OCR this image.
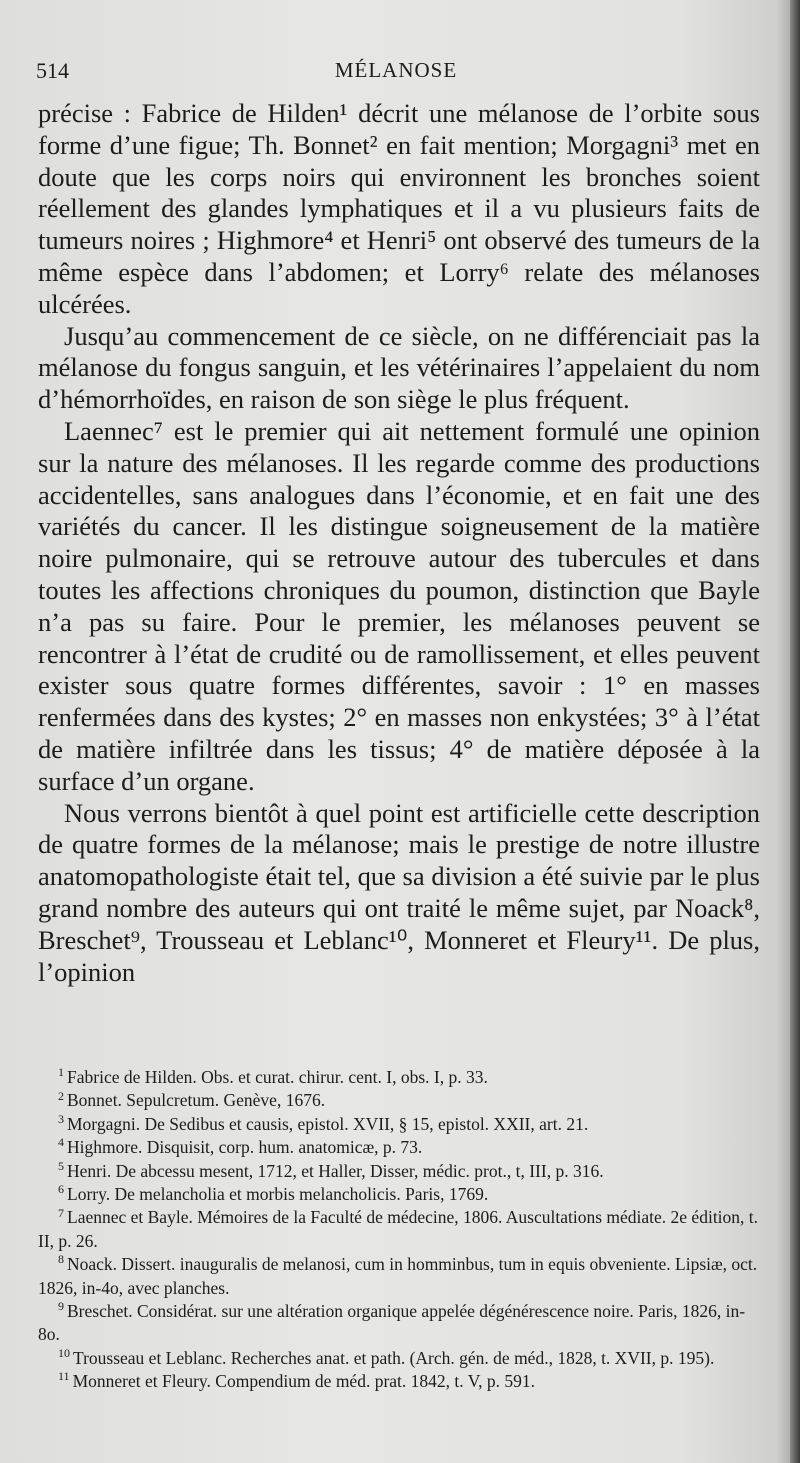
514	MÉLANOSE

précise : Fabrice de Hilden¹ décrit une mélanose de l’orbite sous forme d’une figue; Th. Bonnet² en fait mention; Morgagni³ met en doute que les corps noirs qui environnent les bronches soient réellement des glandes lymphatiques et il a vu plusieurs faits de tumeurs noires ; Highmore⁴ et Henri⁵ ont observé des tumeurs de la même espèce dans l’abdomen; et Lorry⁶ relate des mélanoses ulcérées.

Jusqu’au commencement de ce siècle, on ne différenciait pas la mélanose du fongus sanguin, et les vétérinaires l’appelaient du nom d’hémorrhoïdes, en raison de son siège le plus fréquent.

Laennec⁷ est le premier qui ait nettement formulé une opinion sur la nature des mélanoses. Il les regarde comme des productions accidentelles, sans analogues dans l’économie, et en fait une des variétés du cancer. Il les distingue soigneusement de la matière noire pulmonaire, qui se retrouve autour des tubercules et dans toutes les affections chroniques du poumon, distinction que Bayle n’a pas su faire. Pour le premier, les mélanoses peuvent se rencontrer à l’état de crudité ou de ramollissement, et elles peuvent exister sous quatre formes différentes, savoir : 1° en masses renfermées dans des kystes; 2° en masses non enkystées; 3° à l’état de matière infiltrée dans les tissus; 4° de matière déposée à la surface d’un organe.

Nous verrons bientôt à quel point est artificielle cette description de quatre formes de la mélanose; mais le prestige de notre illustre anatomopathologiste était tel, que sa division a été suivie par le plus grand nombre des auteurs qui ont traité le même sujet, par Noack⁸, Breschet⁹, Trousseau et Leblanc¹⁰, Monneret et Fleury¹¹. De plus, l’opinion

$^1$ Fabrice de Hilden. Obs. et curat. chirur. cent. I, obs. I, p. 33.

$^2$ Bonnet. Sepulcretum. Genève, 1676.

$^3$ Morgagni. De Sedibus et causis, epistol. XVII, § 15, epistol. XXII, art. 21.

$^4$ Highmore. Disquisit, corp. hum. anatomicæ, p. 73.

$^5$ Henri. De abcessu mesent, 1712, et Haller, Disser, médic. prot., t, III, p. 316.

$^6$ Lorry. De melancholia et morbis melancholicis. Paris, 1769.

$^7$ Laennec et Bayle. Mémoires de la Faculté de médecine, 1806. Auscultations médiate. 2e édition, t. II, p. 26.

$^8$ Noack. Dissert. inauguralis de melanosi, cum in homminbus, tum in equis obveniente. Lipsiæ, oct. 1826, in-4o, avec planches.

$^9$ Breschet. Considérat. sur une altération organique appelée dégénérescence noire. Paris, 1826, in-8o.

$^{10}$ Trousseau et Leblanc. Recherches anat. et path. (Arch. gén. de méd., 1828, t. XVII, p. 195).

$^{11}$ Monneret et Fleury. Compendium de méd. prat. 1842, t. V, p. 591.
